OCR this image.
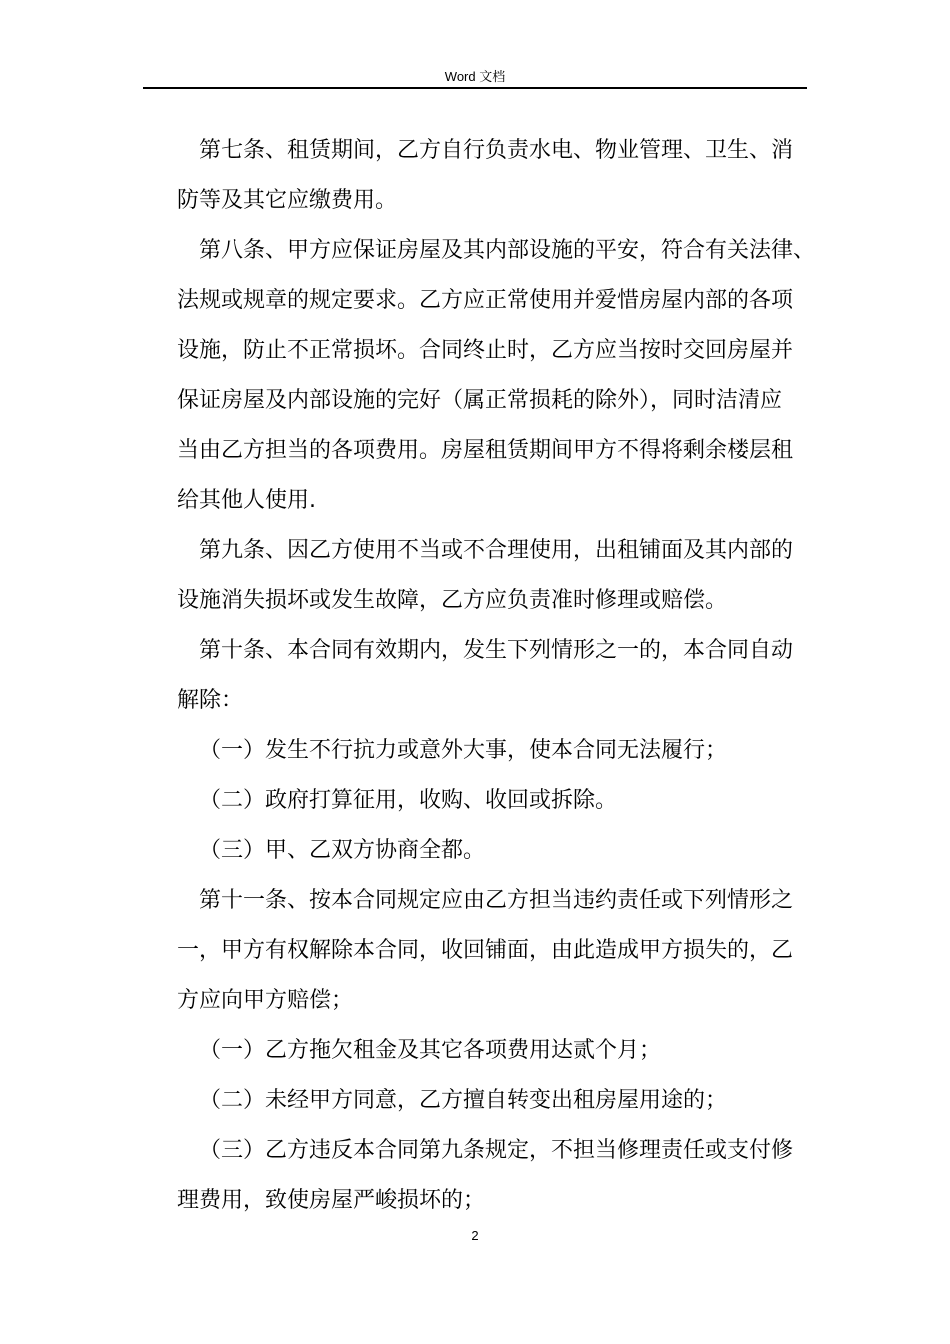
Word 文档
第七条、租赁期间，乙方自行负责水电、物业管理、卫生、消
防等及其它应缴费用。
第八条、甲方应保证房屋及其内部设施的平安，符合有关法律、
法规或规章的规定要求。乙方应正常使用并爱惜房屋内部的各项
设施，防止不正常损坏。合同终止时，乙方应当按时交回房屋并
保证房屋及内部设施的完好（属正常损耗的除外），同时洁清应
当由乙方担当的各项费用。房屋租赁期间甲方不得将剩余楼层租
给其他人使用.
第九条、因乙方使用不当或不合理使用，出租铺面及其内部的
设施消失损坏或发生故障，乙方应负责准时修理或赔偿。
第十条、本合同有效期内，发生下列情形之一的，本合同自动
解除：
（一）发生不行抗力或意外大事，使本合同无法履行；
（二）政府打算征用，收购、收回或拆除。
（三）甲、乙双方协商全都。
第十一条、按本合同规定应由乙方担当违约责任或下列情形之
一，甲方有权解除本合同，收回铺面，由此造成甲方损失的，乙
方应向甲方赔偿；
（一）乙方拖欠租金及其它各项费用达贰个月；
（二）未经甲方同意，乙方擅自转变出租房屋用途的；
（三）乙方违反本合同第九条规定，不担当修理责任或支付修
理费用，致使房屋严峻损坏的；
2
